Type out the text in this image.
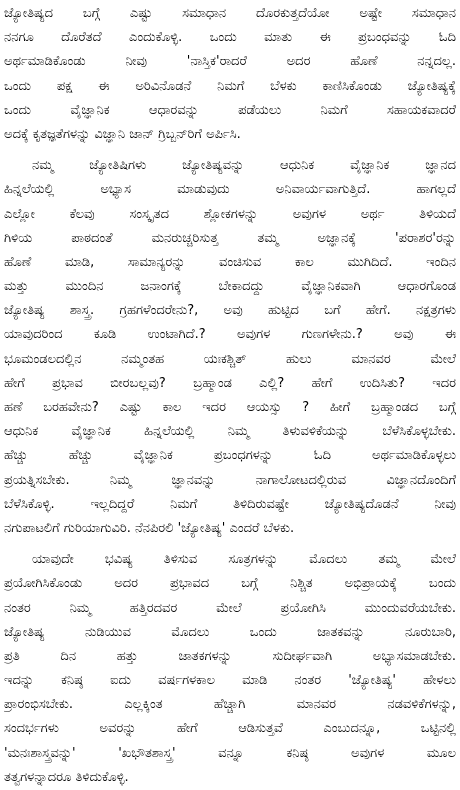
ಜ್ಯೋತಿಷ್ಯದ ಬಗ್ಗೆ ಎಷ್ಟು ಸಮಾಧಾನ ದೊರಕುತ್ತದೆಯೋ ಅಷ್ಟೇ ಸಮಾಧಾನ
ನನಗೂ ದೊರೆತದೆ ಎಂದುಕೊಳ್ಳಿ. ಒಂದು ಮಾತು ಈ ಪ್ರಬಂಧವನ್ನು ಓದಿ
ಅರ್ಥಮಾಡಿಕೊಂಡು ನೀವು 'ನಾಸ್ತಿಕ'ರಾದರೆ ಅದರ ಹೊಣೆ ನನ್ನದಲ್ಲ.
ಒಂದು ಪಕ್ಷ ಈ ಅರಿವಿನೊಡನೆ ನಿಮಗೆ ಬೆಳಕು ಕಾಣಿಸಿಕೊಂಡು ಜ್ಯೋತಿಷ್ಯಕ್ಕೆ
ಒಂದು ವೈಜ್ಞಾನಿಕ ಆಧಾರವನ್ನು ಪಡೆಯಲು ನಿಮಗೆ ಸಹಾಯಕವಾದರೆ
ಅದಕ್ಕೆ ಕೃತಜ್ಞತೆಗಳನ್ನು ವಿಜ್ಞಾನಿ ಜಾನ್ ಗ್ರಿಬ್ಬನ್‌ರಿಗೆ ಅರ್ಪಿಸಿ.
ನಮ್ಮ ಜ್ಯೋತಿಷಿಗಳು ಜ್ಯೋತಿಷ್ಯವನ್ನು ಆಧುನಿಕ ವೈಜ್ಞಾನಿಕ ಜ್ಞಾನದ
ಹಿನ್ನಲೆಯಲ್ಲಿ ಅಭ್ಯಾಸ ಮಾಡುವುದು ಅನಿವಾರ್ಯವಾಗುತ್ತಿದೆ. ಹಾಗಲ್ಲದೆ
ಎಲ್ಲೋ ಕೆಲವು ಸಂಸ್ಕೃತದ ಶ್ಲೋಕಗಳನ್ನು ಅವುಗಳ ಅರ್ಥ ತಿಳಿಯದೆ
ಗಿಳಿಯ ಪಾಠದಂತೆ ಮನರುಚ್ಚರಿಸುತ್ತ ತಮ್ಮ ಅಜ್ಞಾನಕ್ಕೆ 'ಪರಾಶರ'ರನ್ನು
ಹೊಣೆ ಮಾಡಿ, ಸಾಮಾನ್ಯರನ್ನು ವಂಚಿಸುವ ಕಾಲ ಮುಗಿದಿದೆ. ಇಂದಿನ
ಮತ್ತು ಮುಂದಿನ ಜನಾಂಗಕ್ಕೆ ಬೇಕಾದದ್ದು ವೈಜ್ಞಾನಿಕವಾಗಿ ಆಧಾರಗೊಂಡ
ಜ್ಯೋತಿಷ್ಯ ಶಾಸ್ತ್ರ. ಗ್ರಹಗಳೆಂದರೇನು?, ಅವು ಹುಟ್ಟಿದ ಬಗೆ ಹೇಗೆ. ನಕ್ಷತ್ರಗಳು
ಯಾವುದರಿಂದ ಕೂಡಿ ಉಂಟಾಗಿದೆ.? ಅವುಗಳ ಗುಣಗಳೇನು.? ಅವು ಈ
ಭೂಮಂಡಲದಲ್ಲಿನ ನಮ್ಮಂತಹ ಯಃಕಶ್ಚಿತ್ ಹುಲು ಮಾನವರ ಮೇಲೆ
ಹೇಗೆ ಪ್ರಭಾವ ಬೀರಬಲ್ಲವು? ಬ್ರಹ್ಮಾಂಡ ಎಲ್ಲಿ? ಹೇಗೆ ಉದಿಸಿತು? ಇದರ
ಹಣೆ ಬರಹವೇನು? ಎಷ್ಟು ಕಾಲ ಇದರ ಆಯಸ್ಸು ? ಹೀಗೆ ಬ್ರಹ್ಮಾಂಡದ ಬಗ್ಗೆ
ಆಧುನಿಕ ವೈಜ್ಞಾನಿಕ ಹಿನ್ನಲೆಯಲ್ಲಿ ನಿಮ್ಮ ತಿಳುವಳಿಕೆಯನ್ನು ಬೆಳೆಸಿಕೊಳ್ಳಬೇಕು.
ಹೆಚ್ಚು ಹೆಚ್ಚು ವೈಜ್ಞಾನಿಕ ಪ್ರಬಂಧಗಳನ್ನು ಓದಿ ಅರ್ಥಮಾಡಿಕೊಳ್ಳಲು
ಪ್ರಯತ್ನಿಸಬೇಕು. ನಿಮ್ಮ ಜ್ಞಾನವನ್ನು ನಾಗಾಲೋಟದಲ್ಲಿರುವ ವಿಜ್ಞಾನದೊಂದಿಗೆ
ಬೆಳೆಸಿಕೊಳ್ಳಿ. ಇಲ್ಲದಿದ್ದರೆ ನಿಮಗೆ ತಿಳಿದಿರುವಷ್ಟೇ ಜ್ಯೋತಿಷ್ಯದೊಡನೆ ನೀವು
ನಗುಪಾಟಲಿಗೆ ಗುರಿಯಾಗುವಿರಿ. ನೆನಪಿರಲಿ 'ಜ್ಯೋತಿಷ್ಯ' ಎಂದರೆ ಬೆಳಕು.
ಯಾವುದೇ ಭವಿಷ್ಯ ತಿಳಿಸುವ ಸೂತ್ರಗಳನ್ನು ಮೊದಲು ತಮ್ಮ ಮೇಲೆ
ಪ್ರಯೋಗಿಸಿಕೊಂಡು ಅದರ ಪ್ರಭಾವದ ಬಗ್ಗೆ ನಿಶ್ಚಿತ ಅಭಿಪ್ರಾಯಕ್ಕೆ ಬಂದು
ನಂತರ ನಿಮ್ಮ ಹತ್ತಿರದವರ ಮೇಲೆ ಪ್ರಯೋಗಿಸಿ ಮುಂದುವರೆಯಬೇಕು.
ಜ್ಯೋತಿಷ್ಯ ನುಡಿಯುವ ಮೊದಲು ಒಂದು ಜಾತಕವನ್ನು ನೂರುಬಾರಿ,
ಪ್ರತಿ ದಿನ ಹತ್ತು ಜಾತಕಗಳನ್ನು ಸುದೀರ್ಘವಾಗಿ ಅಭ್ಯಾಸಮಾಡಬೇಕು.
ಇದನ್ನು ಕನಿಷ್ಠ ಐದು ವರ್ಷಗಳಕಾಲ ಮಾಡಿ ನಂತರ 'ಜ್ಯೋತಿಷ್ಯ' ಹೇಳಲು
ಪ್ರಾರಂಭಿಸಬೇಕು. ಎಲ್ಲಕ್ಕಿಂತ ಹೆಚ್ಚಾಗಿ ಮಾನವರ ನಡವಳಿಕೆಗಳನ್ನು,
ಸಂದರ್ಭಗಳು ಅವರನ್ನು ಹೇಗೆ ಆಡಿಸುತ್ತವೆ ಎಂಬುದನ್ನೂ, ಒಟ್ಟಿನಲ್ಲಿ
'ಮನಃಶಾಸ್ತ್ರವನ್ನು' 'ಖಭೌತಶಾಸ್ತ್ರ' ವನ್ನೂ ಕನಿಷ್ಠ ಅವುಗಳ ಮೂಲ
ತತ್ವಗಳನ್ನಾದರೂ ತಿಳಿದುಕೊಳ್ಳಿ.
